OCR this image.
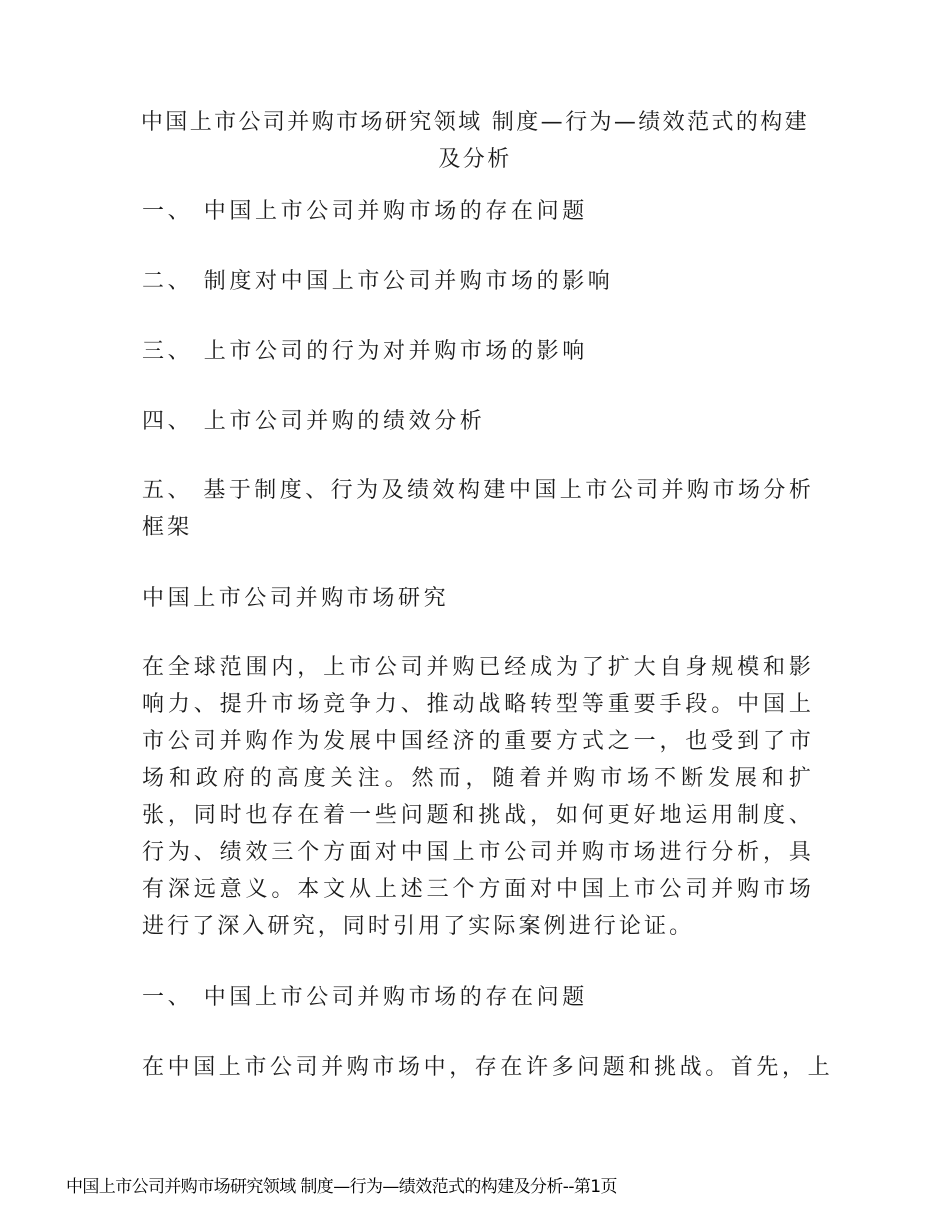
中国上市公司并购市场研究领域 制度—行为—绩效范式的构建及分析
一、 中国上市公司并购市场的存在问题
二、 制度对中国上市公司并购市场的影响
三、 上市公司的行为对并购市场的影响
四、 上市公司并购的绩效分析
五、 基于制度、行为及绩效构建中国上市公司并购市场分析框架
中国上市公司并购市场研究
在全球范围内，上市公司并购已经成为了扩大自身规模和影响力、提升市场竞争力、推动战略转型等重要手段。中国上市公司并购作为发展中国经济的重要方式之一，也受到了市场和政府的高度关注。然而，随着并购市场不断发展和扩张，同时也存在着一些问题和挑战，如何更好地运用制度、行为、绩效三个方面对中国上市公司并购市场进行分析，具有深远意义。本文从上述三个方面对中国上市公司并购市场进行了深入研究，同时引用了实际案例进行论证。
一、 中国上市公司并购市场的存在问题
在中国上市公司并购市场中，存在许多问题和挑战。首先，上
中国上市公司并购市场研究领域 制度—行为—绩效范式的构建及分析--第1页
